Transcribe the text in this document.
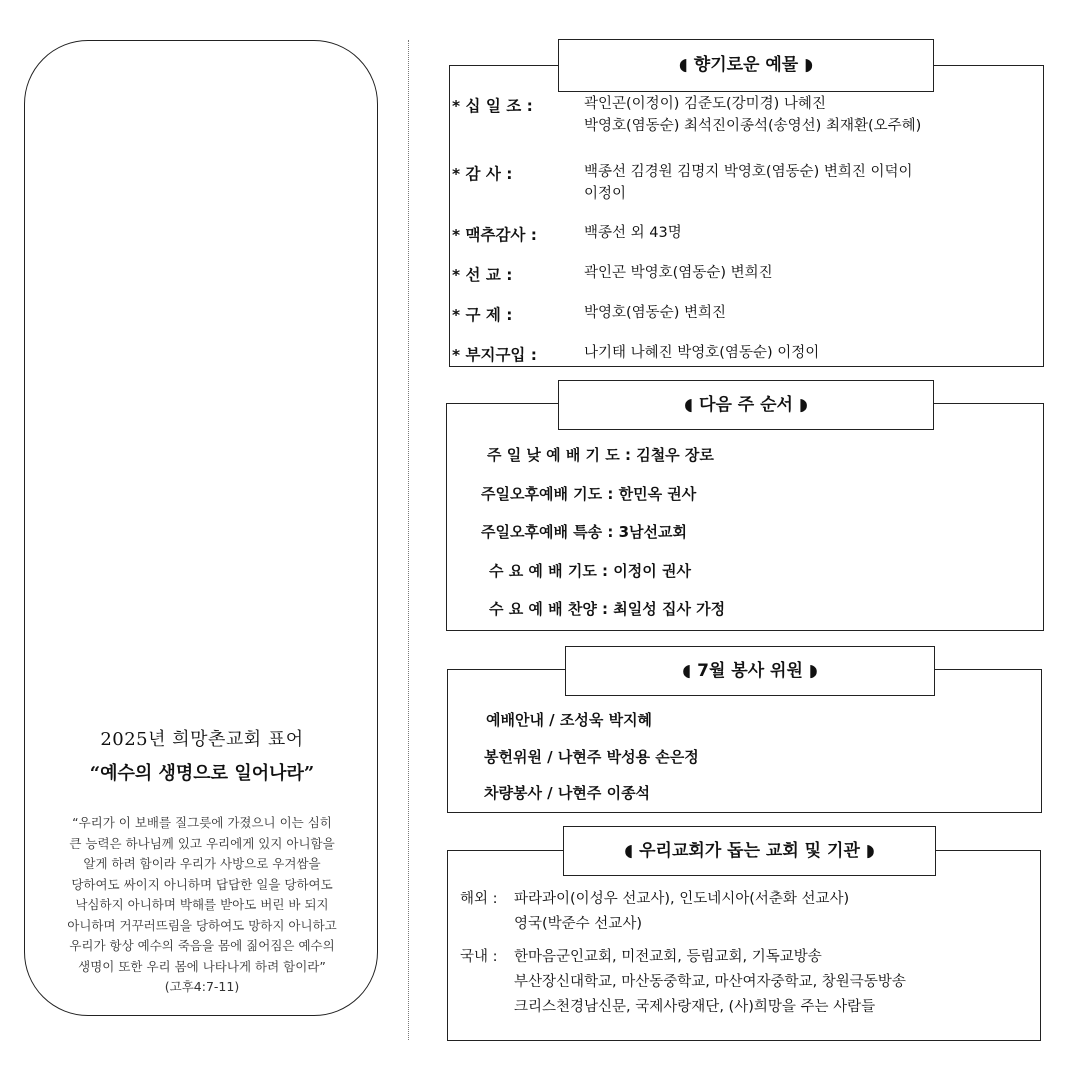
2025년 희망촌교회 표어
“예수의 생명으로 일어나라”
“우리가 이 보배를 질그릇에 가졌으니 이는 심히
큰 능력은 하나님께 있고 우리에게 있지 아니함을
알게 하려 함이라 우리가 사방으로 우겨쌈을
당하여도 싸이지 아니하며 답답한 일을 당하여도
낙심하지 아니하며 박해를 받아도 버린 바 되지
아니하며 거꾸러뜨림을 당하여도 망하지 아니하고
우리가 항상 예수의 죽음을 몸에 짊어짐은 예수의
생명이 또한 우리 몸에 나타나게 하려 함이라”
(고후4:7-11)
* 십 일 조 :	곽인곤(이정이) 김준도(강미경) 나혜진
박영호(염동순) 최석진이종석(송영선) 최재환(오주혜)
* 감 사 :	백종선 김경원 김명지 박영호(염동순) 변희진 이덕이
이정이
* 맥추감사 :	백종선 외 43명
* 선 교 :	곽인곤 박영호(염동순) 변희진
* 구 제 :	박영호(염동순) 변희진
* 부지구입 :	나기태 나혜진 박영호(염동순) 이정이
◖ 향기로운 예물 ◗
주 일 낮 예 배 기 도 : 김철우 장로
주일오후예배 기도 : 한민옥 권사
주일오후예배 특송 : 3남선교회
수 요 예 배 기도 : 이정이 권사
수 요 예 배 찬양 : 최일성 집사 가정
◖ 다음 주 순서 ◗
예배안내 / 조성욱 박지혜
봉헌위원 / 나현주 박성용 손은정
차량봉사 / 나현주 이종석
◖ 7월 봉사 위원 ◗
해외 : 파라과이(이성우 선교사), 인도네시아(서춘화 선교사)
영국(박준수 선교사)
국내 : 한마음군인교회, 미전교회, 등림교회, 기독교방송
부산장신대학교, 마산동중학교, 마산여자중학교, 창원극동방송
크리스천경남신문, 국제사랑재단, (사)희망을 주는 사람들
◖ 우리교회가 돕는 교회 및 기관 ◗
